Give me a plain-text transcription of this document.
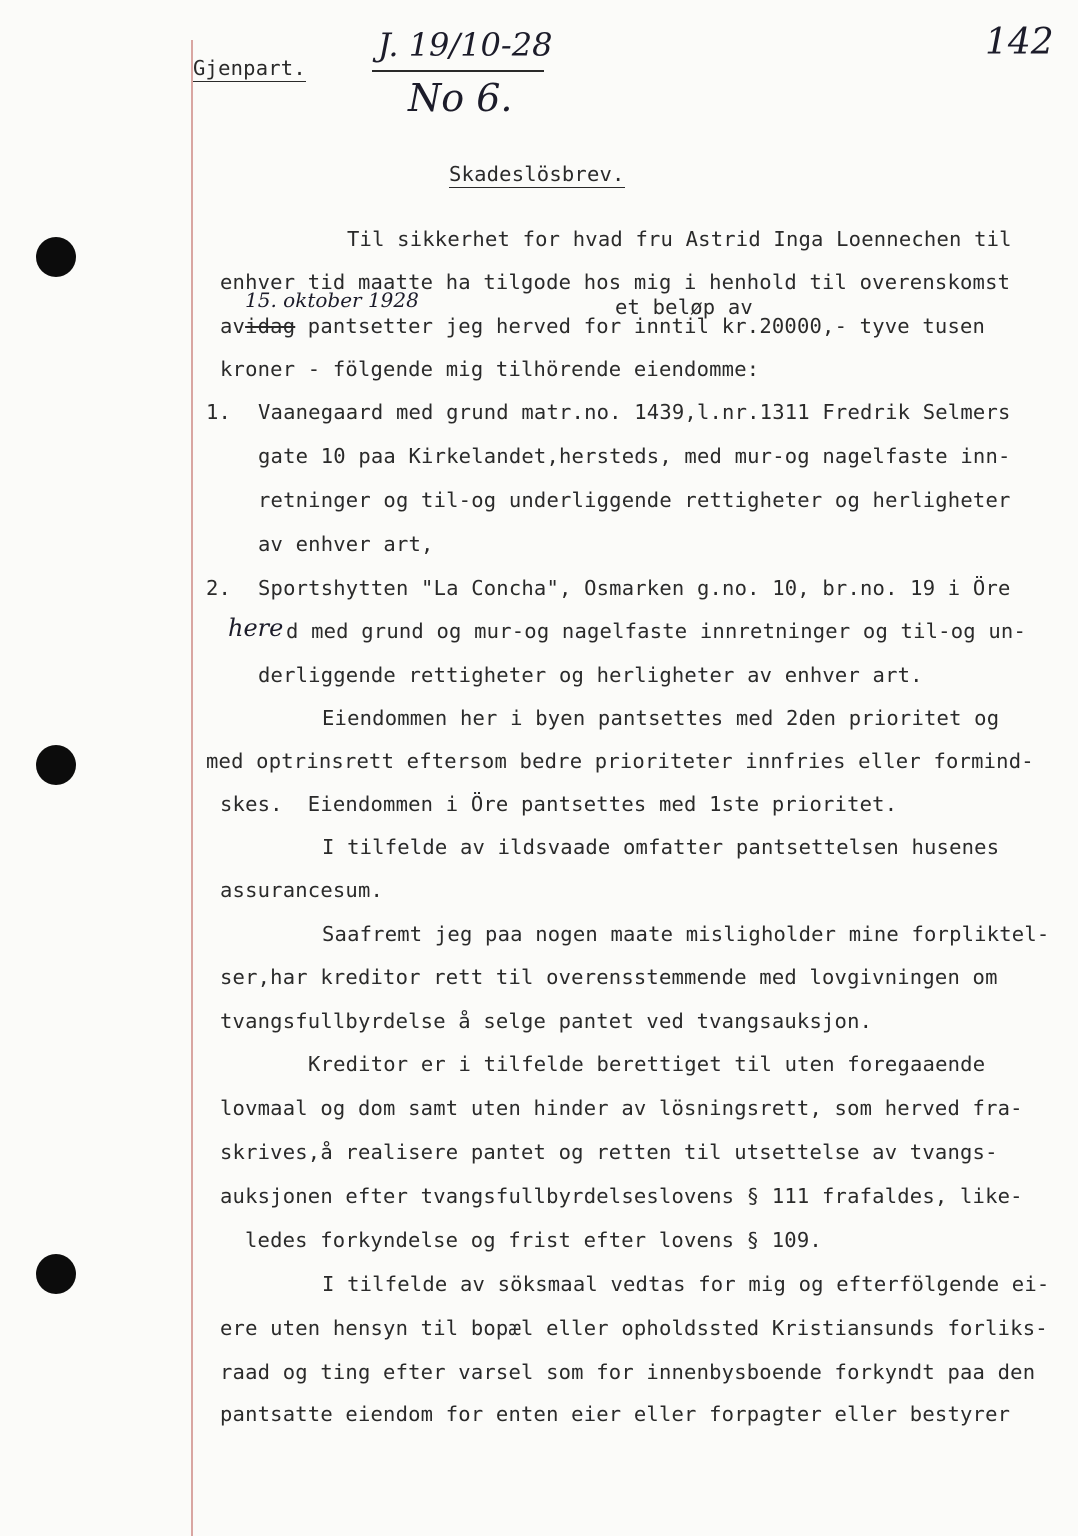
Gjenpart.
J. 19/10-28
No 6.
142
Skadeslösbrev.
Til sikkerhet for hvad fru Astrid Inga Loennechen til
enhver tid maatte ha tilgode hos mig i henhold til overenskomst
15. oktober 1928	et beløp av
avidag pantsetter jeg herved for inntil kr.20000,- tyve tusen
kroner - fölgende mig tilhörende eiendomme:
1. Vaanegaard med grund matr.no. 1439,l.nr.1311 Fredrik Selmers
gate 10 paa Kirkelandet,hersteds, med mur-og nagelfaste inn-
retninger og til-og underliggende rettigheter og herligheter
av enhver art,
2. Sportshytten "La Concha", Osmarken g.no. 10, br.no. 19 i Öre
here d med grund og mur-og nagelfaste innretninger og til-og un-
derliggende rettigheter og herligheter av enhver art.
Eiendommen her i byen pantsettes med 2den prioritet og
med optrinsrett eftersom bedre prioriteter innfries eller formind-
skes.  Eiendommen i Öre pantsettes med 1ste prioritet.
I tilfelde av ildsvaade omfatter pantsettelsen husenes
assurancesum.
Saafremt jeg paa nogen maate misligholder mine forpliktel-
ser,har kreditor rett til overensstemmende med lovgivningen om
tvangsfullbyrdelse å selge pantet ved tvangsauksjon.
Kreditor er i tilfelde berettiget til uten foregaaende
lovmaal og dom samt uten hinder av lösningsrett, som herved fra-
skrives,å realisere pantet og retten til utsettelse av tvangs-
auksjonen efter tvangsfullbyrdelseslovens § 111 frafaldes, like-
ledes forkyndelse og frist efter lovens § 109.
I tilfelde av söksmaal vedtas for mig og efterfölgende ei-
ere uten hensyn til bopæl eller opholdssted Kristiansunds forliks-
raad og ting efter varsel som for innenbysboende forkyndt paa den
pantsatte eiendom for enten eier eller forpagter eller bestyrer
